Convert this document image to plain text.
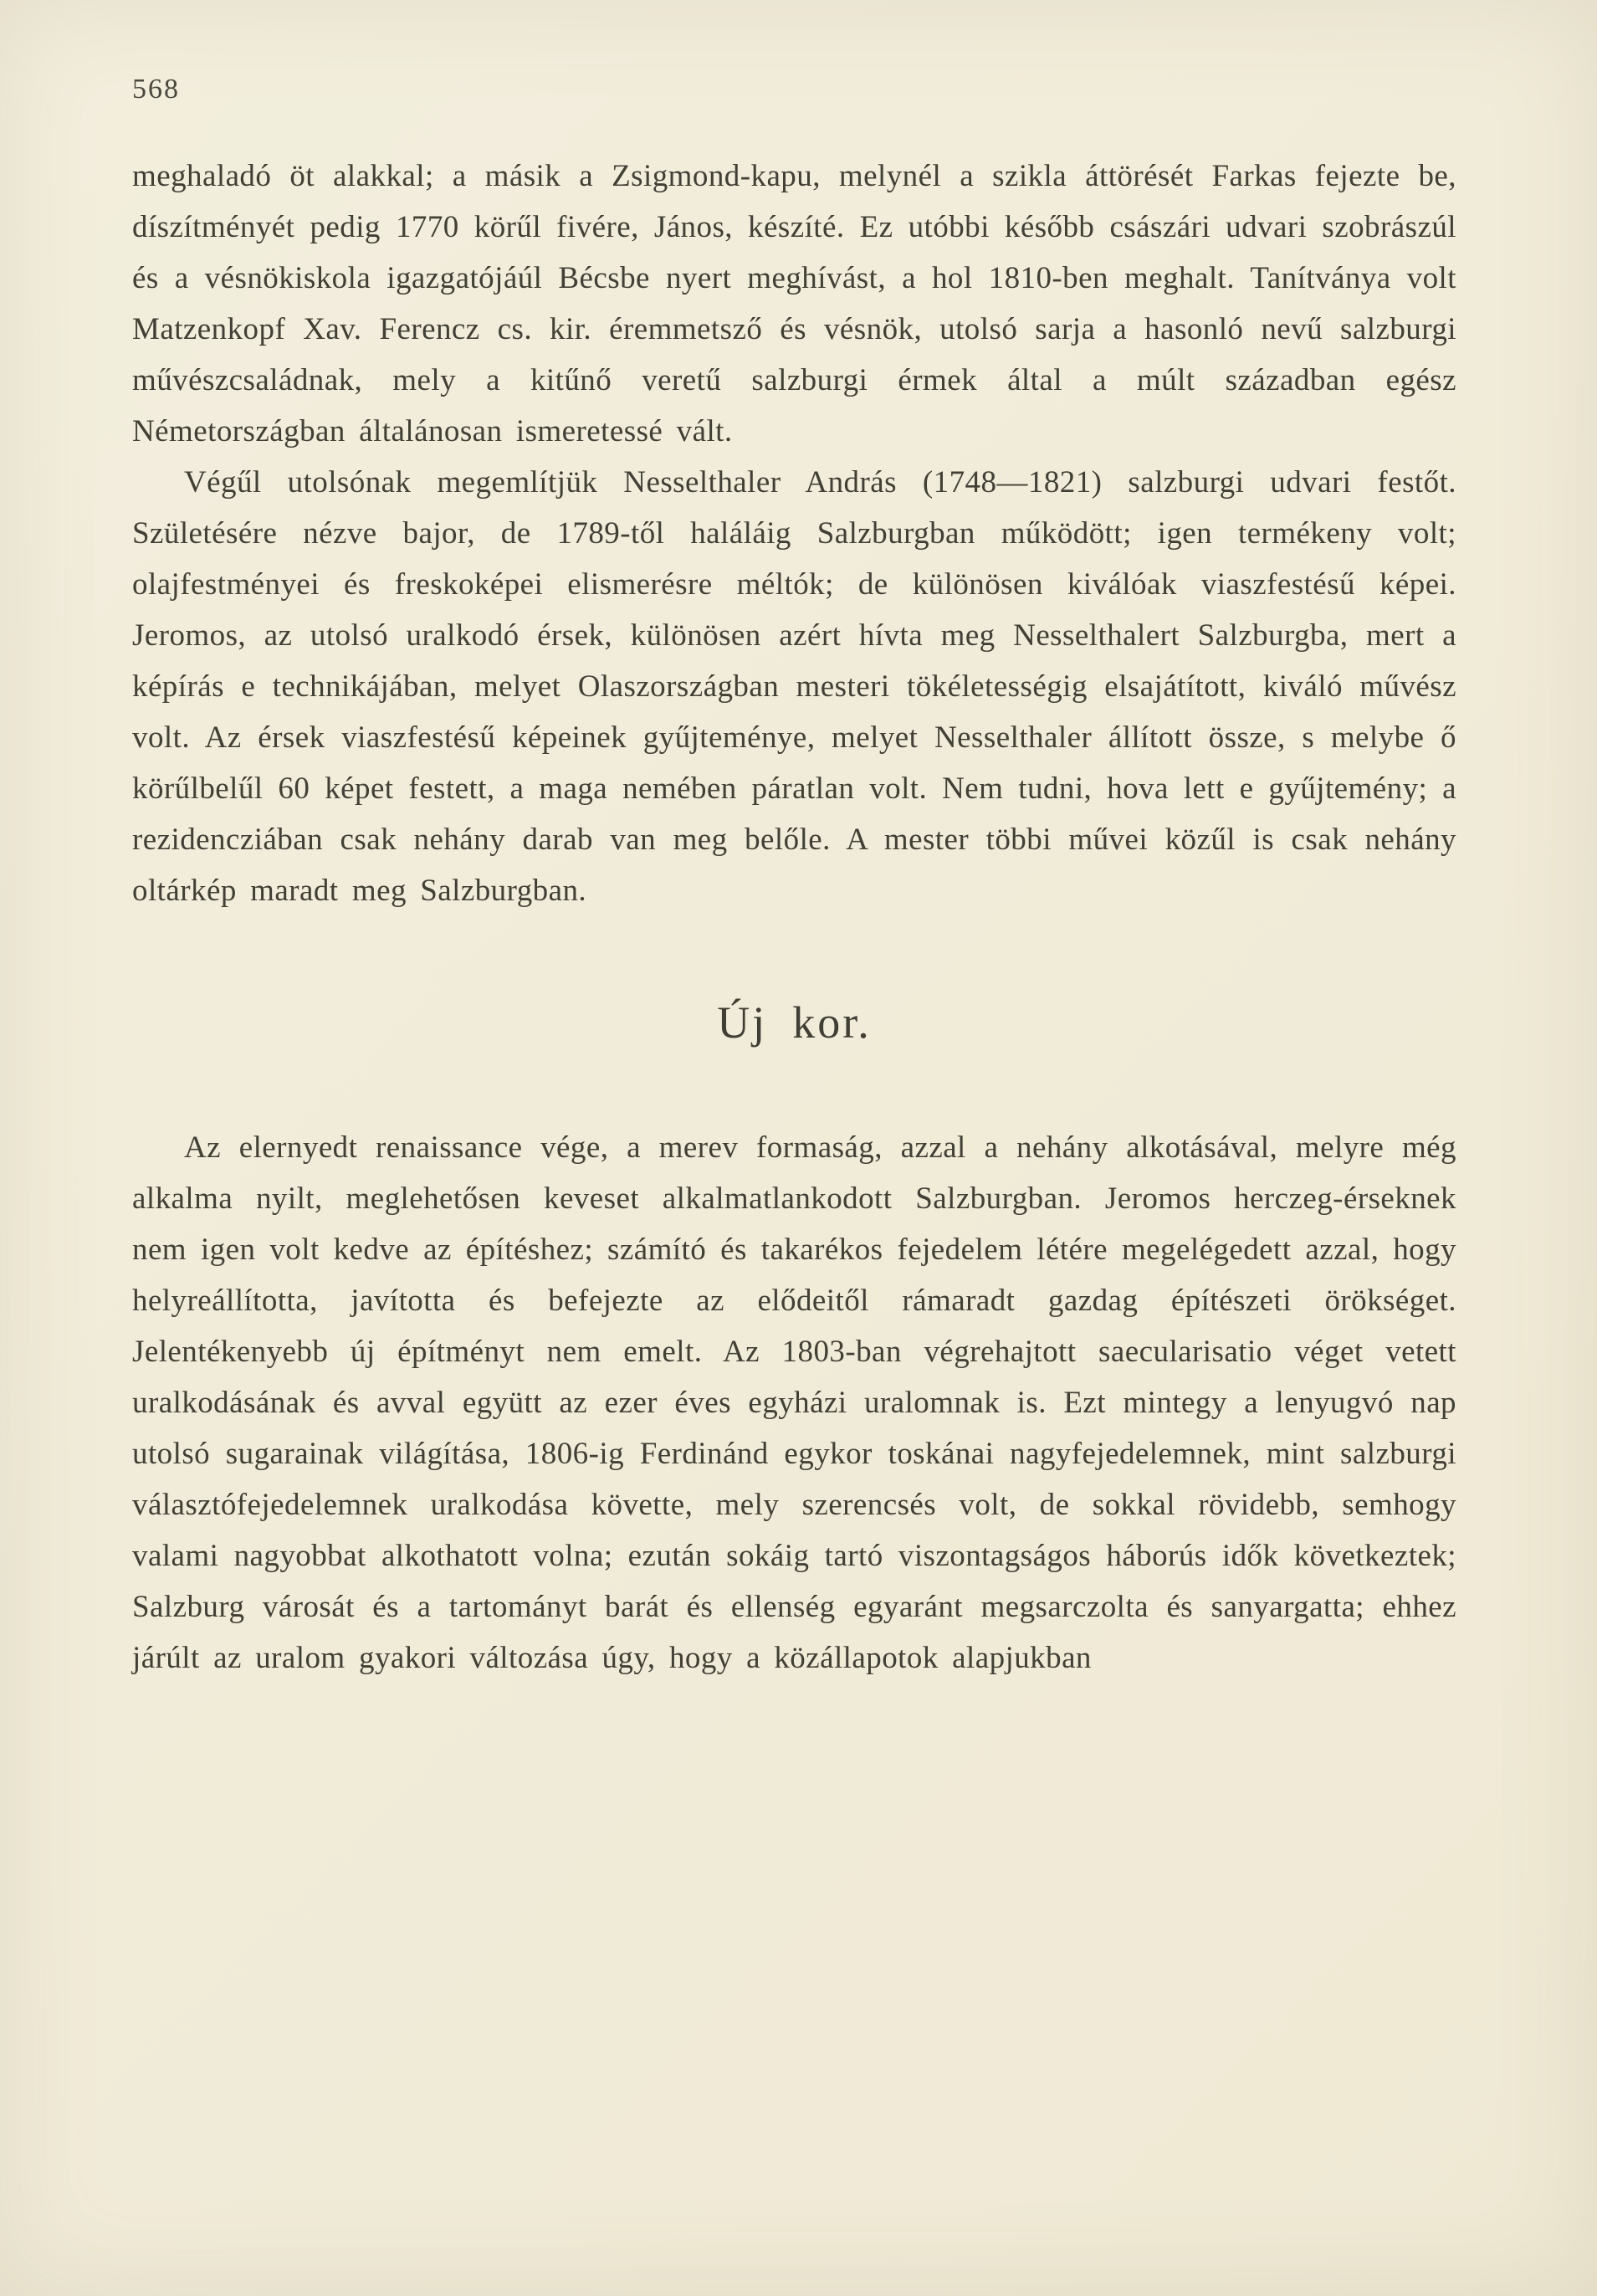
568

meghaladó öt alakkal; a másik a Zsigmond-kapu, melynél a szikla áttörését Farkas fejezte be, díszítményét pedig 1770 körűl fivére, János, készíté. Ez utóbbi később császári udvari szobrászúl és a vésnökiskola igazgatójáúl Bécsbe nyert meghívást, a hol 1810-ben meghalt. Tanítványa volt Matzenkopf Xav. Ferencz cs. kir. éremmetsző és vésnök, utolsó sarja a hasonló nevű salzburgi művészcsaládnak, mely a kitűnő veretű salzburgi érmek által a múlt században egész Németországban általánosan ismeretessé vált.

Végűl utolsónak megemlítjük Nesselthaler András (1748—1821) salzburgi udvari festőt. Születésére nézve bajor, de 1789-től haláláig Salzburgban működött; igen termékeny volt; olajfestményei és freskoképei elismerésre méltók; de különösen kiválóak viaszfestésű képei. Jeromos, az utolsó uralkodó érsek, különösen azért hívta meg Nesselthalert Salzburgba, mert a képírás e technikájában, melyet Olaszországban mesteri tökéletességig elsajátított, kiváló művész volt. Az érsek viaszfestésű képeinek gyűjteménye, melyet Nesselthaler állított össze, s melybe ő körűlbelűl 60 képet festett, a maga nemében páratlan volt. Nem tudni, hova lett e gyűjtemény; a rezidencziában csak nehány darab van meg belőle. A mester többi művei közűl is csak nehány oltárkép maradt meg Salzburgban.

Új kor.

Az elernyedt renaissance vége, a merev formaság, azzal a nehány alkotásával, melyre még alkalma nyilt, meglehetősen keveset alkalmatlankodott Salzburgban. Jeromos herczeg-érseknek nem igen volt kedve az építéshez; számító és takarékos fejedelem létére megelégedett azzal, hogy helyreállította, javította és befejezte az elődeitől rámaradt gazdag építészeti örökséget. Jelentékenyebb új építményt nem emelt. Az 1803-ban végrehajtott saecularisatio véget vetett uralkodásának és avval együtt az ezer éves egyházi uralomnak is. Ezt mintegy a lenyugvó nap utolsó sugarainak világítása, 1806-ig Ferdinánd egykor toskánai nagyfejedelemnek, mint salzburgi választófejedelemnek uralkodása követte, mely szerencsés volt, de sokkal rövidebb, semhogy valami nagyobbat alkothatott volna; ezután sokáig tartó viszontagságos háborús idők következtek; Salzburg városát és a tartományt barát és ellenség egyaránt megsarczolta és sanyargatta; ehhez járúlt az uralom gyakori változása úgy, hogy a közállapotok alapjukban
